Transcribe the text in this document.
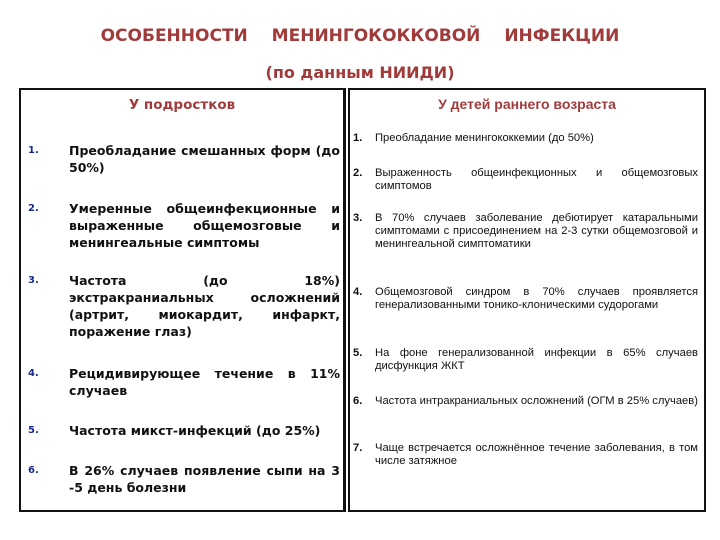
ОСОБЕННОСТИ МЕНИНГОКОККОВОЙ ИНФЕКЦИИ
(по данным НИИДИ)
У подростков
1.	Преобладание смешанных форм (до 50%)
2.	Умеренные общеинфекционные и выраженные общемозговые и менингеальные симптомы
3.	Частота (до 18%) экстракраниальных осложнений (артрит, миокардит, инфаркт, поражение глаз)
4.	Рецидивирующее течение в 11% случаев
5.	Частота микст-инфекций (до 25%)
6.	В 26% случаев появление сыпи на 3 -5 день болезни
У детей раннего возраста
1.	Преобладание менингококкемии (до 50%)
2.	Выраженность общеинфекционных и общемозговых симптомов
3.	В 70% случаев заболевание дебютирует катаральными симптомами с присоединением на 2-3 сутки общемозговой и менингеальной симптоматики
4.	Общемозговой синдром в 70% случаев проявляется генерализованными тонико-клоническими судорогами
5.	На фоне генерализованной инфекции в 65% случаев дисфункция ЖКТ
6.	Частота интракраниальных осложнений (ОГМ в 25% случаев)
7.	Чаще встречается осложнённое течение заболевания, в том числе затяжное
